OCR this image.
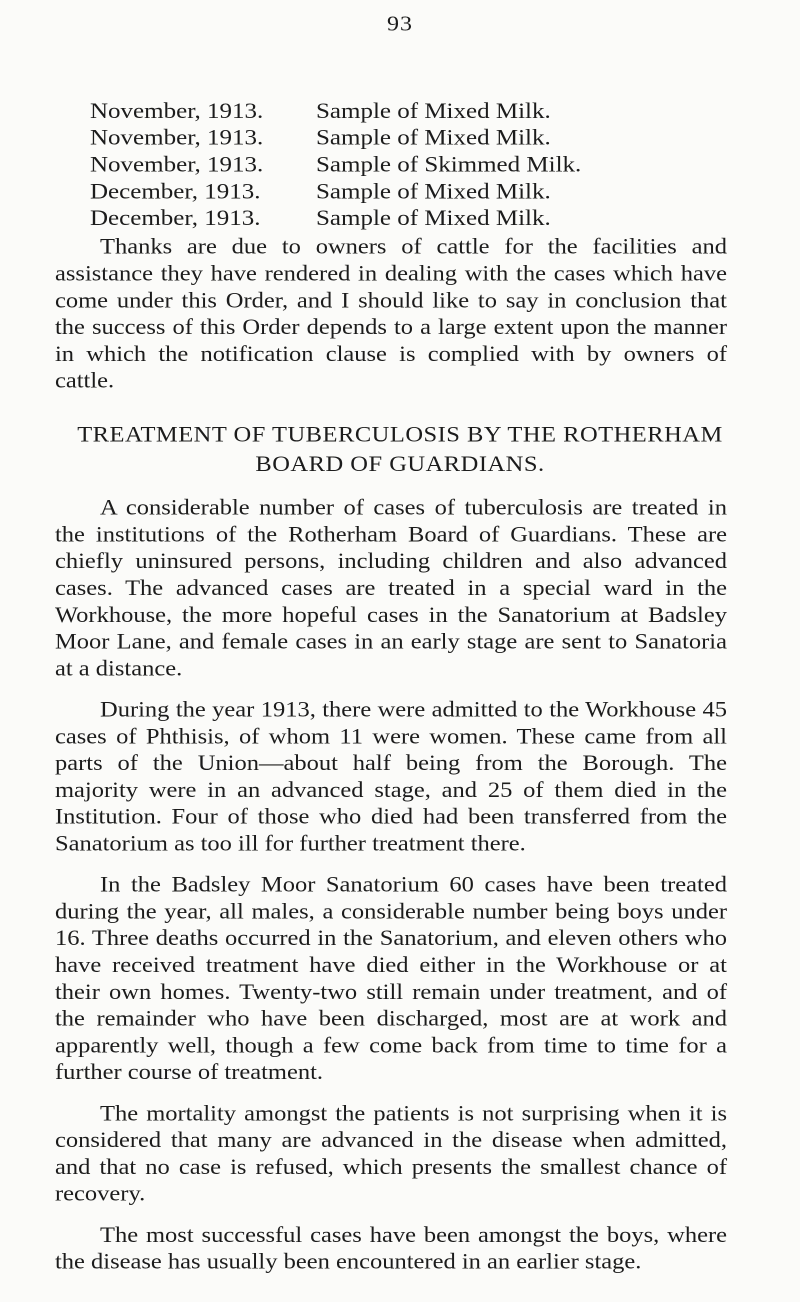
93
November, 1913.	Sample of Mixed Milk.
November, 1913.	Sample of Mixed Milk.
November, 1913.	Sample of Skimmed Milk.
December, 1913.	Sample of Mixed Milk.
December, 1913.	Sample of Mixed Milk.

Thanks are due to owners of cattle for the facilities and assistance they have rendered in dealing with the cases which have come under this Order, and I should like to say in conclusion that the success of this Order depends to a large extent upon the manner in which the notification clause is complied with by owners of cattle.

TREATMENT OF TUBERCULOSIS BY THE ROTHERHAM
BOARD OF GUARDIANS.

A considerable number of cases of tuberculosis are treated in the institutions of the Rotherham Board of Guardians. These are chiefly uninsured persons, including children and also advanced cases. The advanced cases are treated in a special ward in the Workhouse, the more hopeful cases in the Sanatorium at Badsley Moor Lane, and female cases in an early stage are sent to Sanatoria at a distance.

During the year 1913, there were admitted to the Workhouse 45 cases of Phthisis, of whom 11 were women. These came from all parts of the Union—about half being from the Borough. The majority were in an advanced stage, and 25 of them died in the Institution. Four of those who died had been transferred from the Sanatorium as too ill for further treatment there.

In the Badsley Moor Sanatorium 60 cases have been treated during the year, all males, a considerable number being boys under 16. Three deaths occurred in the Sanatorium, and eleven others who have received treatment have died either in the Workhouse or at their own homes. Twenty-two still remain under treatment, and of the remainder who have been discharged, most are at work and apparently well, though a few come back from time to time for a further course of treatment.

The mortality amongst the patients is not surprising when it is considered that many are advanced in the disease when admitted, and that no case is refused, which presents the smallest chance of recovery.

The most successful cases have been amongst the boys, where the disease has usually been encountered in an earlier stage.
